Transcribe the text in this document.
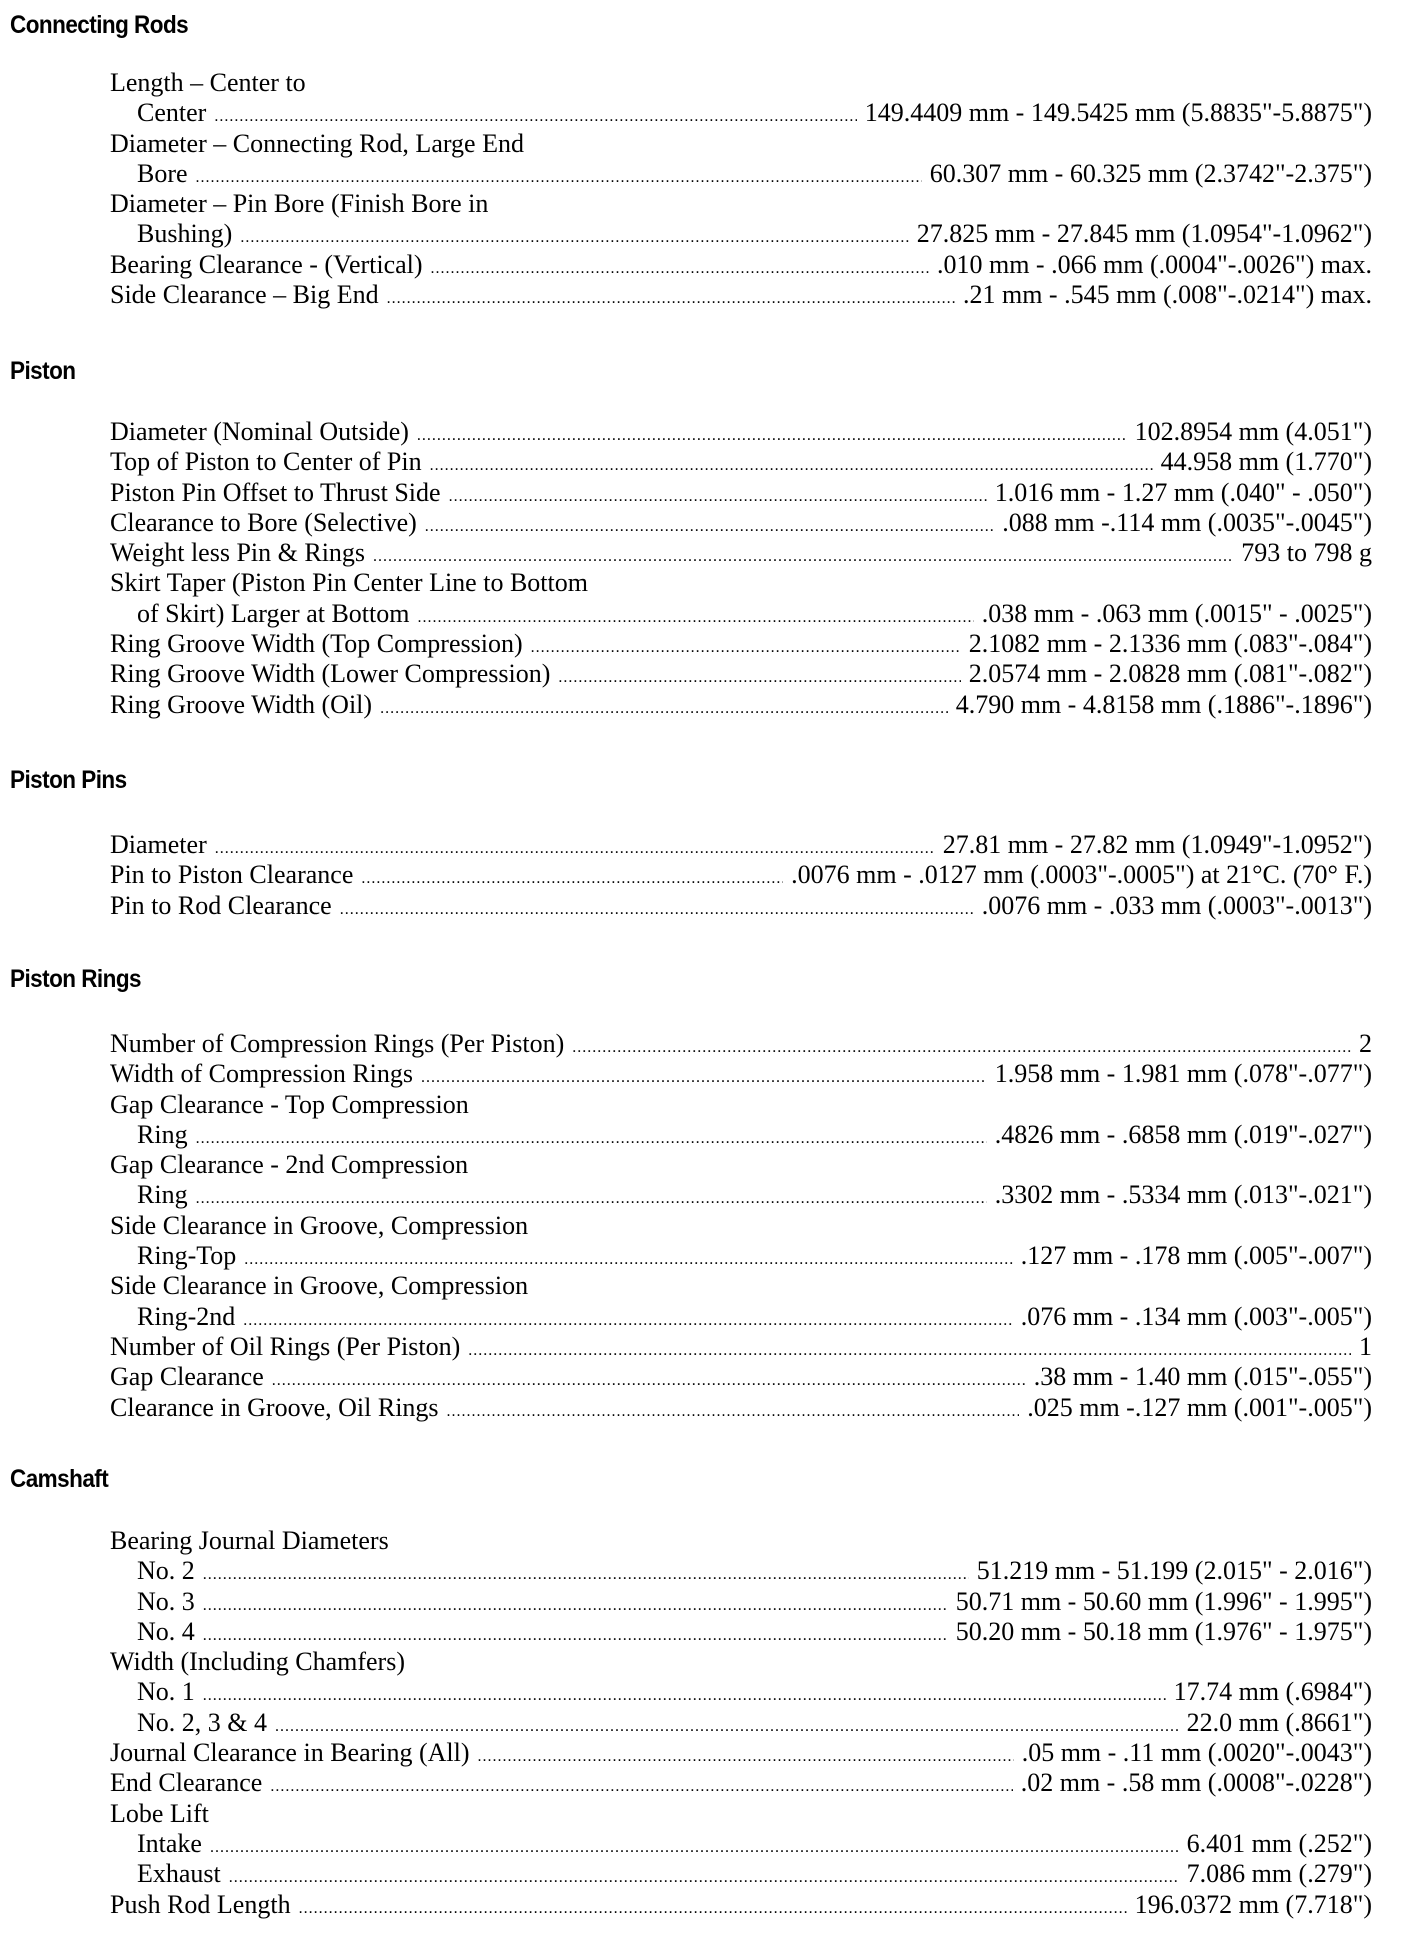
Connecting Rods
Length – Center to
Center .....	149.4409 mm - 149.5425 mm (5.8835"-5.8875")
Diameter – Connecting Rod, Large End
Bore .....	60.307 mm - 60.325 mm (2.3742"-2.375")
Diameter – Pin Bore (Finish Bore in
Bushing) .....	27.825 mm - 27.845 mm (1.0954"-1.0962")
Bearing Clearance - (Vertical) .....	.010 mm - .066 mm (.0004"-.0026") max.
Side Clearance – Big End .....	.21 mm - .545 mm (.008"-.0214") max.
Piston
Diameter (Nominal Outside) .....	102.8954 mm (4.051")
Top of Piston to Center of Pin .....	44.958 mm (1.770")
Piston Pin Offset to Thrust Side .....	1.016 mm - 1.27 mm (.040" - .050")
Clearance to Bore (Selective) .....	.088 mm -.114 mm (.0035"-.0045")
Weight less Pin & Rings .....	793 to 798 g
Skirt Taper (Piston Pin Center Line to Bottom
of Skirt) Larger at Bottom .....	.038 mm - .063 mm (.0015" - .0025")
Ring Groove Width (Top Compression) .....	2.1082 mm - 2.1336 mm (.083"-.084")
Ring Groove Width (Lower Compression) .....	2.0574 mm - 2.0828 mm (.081"-.082")
Ring Groove Width (Oil) .....	4.790 mm - 4.8158 mm (.1886"-.1896")
Piston Pins
Diameter .....	27.81 mm - 27.82 mm (1.0949"-1.0952")
Pin to Piston Clearance .....	.0076 mm - .0127 mm (.0003"-.0005") at 21°C. (70° F.)
Pin to Rod Clearance .....	.0076 mm - .033 mm (.0003"-.0013")
Piston Rings
Number of Compression Rings (Per Piston) .....	2
Width of Compression Rings .....	1.958 mm - 1.981 mm (.078"-.077")
Gap Clearance - Top Compression
Ring .....	.4826 mm - .6858 mm (.019"-.027")
Gap Clearance - 2nd Compression
Ring .....	.3302 mm - .5334 mm (.013"-.021")
Side Clearance in Groove, Compression
Ring-Top .....	.127 mm - .178 mm (.005"-.007")
Side Clearance in Groove, Compression
Ring-2nd .....	.076 mm - .134 mm (.003"-.005")
Number of Oil Rings (Per Piston) .....	1
Gap Clearance .....	.38 mm - 1.40 mm (.015"-.055")
Clearance in Groove, Oil Rings .....	.025 mm -.127 mm (.001"-.005")
Camshaft
Bearing Journal Diameters
No. 2 .....	51.219 mm - 51.199 (2.015" - 2.016")
No. 3 .....	50.71 mm - 50.60 mm (1.996" - 1.995")
No. 4 .....	50.20 mm - 50.18 mm (1.976" - 1.975")
Width (Including Chamfers)
No. 1 .....	17.74 mm (.6984")
No. 2, 3 & 4 .....	22.0 mm (.8661")
Journal Clearance in Bearing (All) .....	.05 mm - .11 mm (.0020"-.0043")
End Clearance .....	.02 mm - .58 mm (.0008"-.0228")
Lobe Lift
Intake .....	6.401 mm (.252")
Exhaust .....	7.086 mm (.279")
Push Rod Length .....	196.0372 mm (7.718")
